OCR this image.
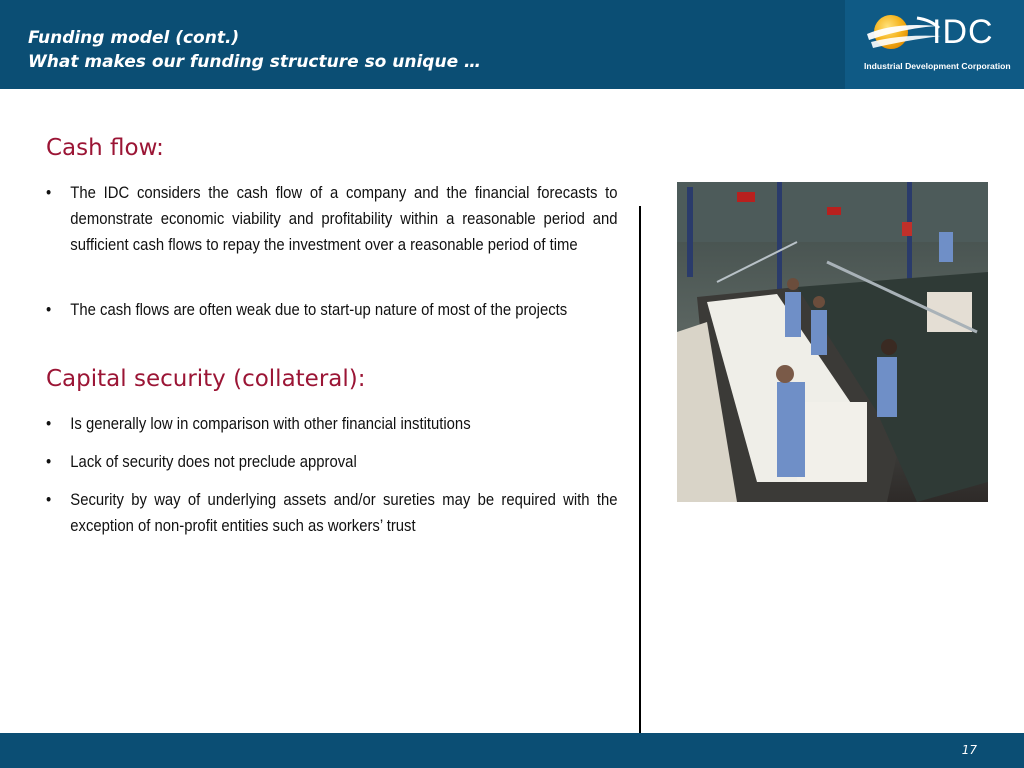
Funding model (cont.)
What makes our funding structure so unique …
IDC
Industrial Development Corporation
Cash flow:
• The IDC considers the cash flow of a company and the financial forecasts to demonstrate economic viability and profitability within a reasonable period and sufficient cash flows to repay the investment over a reasonable period of time
• The cash flows are often weak due to start-up nature of most of the projects
Capital security (collateral):
• Is generally low in comparison with other financial institutions
• Lack of security does not preclude approval
• Security by way of underlying assets and/or sureties may be required with the exception of non-profit entities such as workers’ trust
17
